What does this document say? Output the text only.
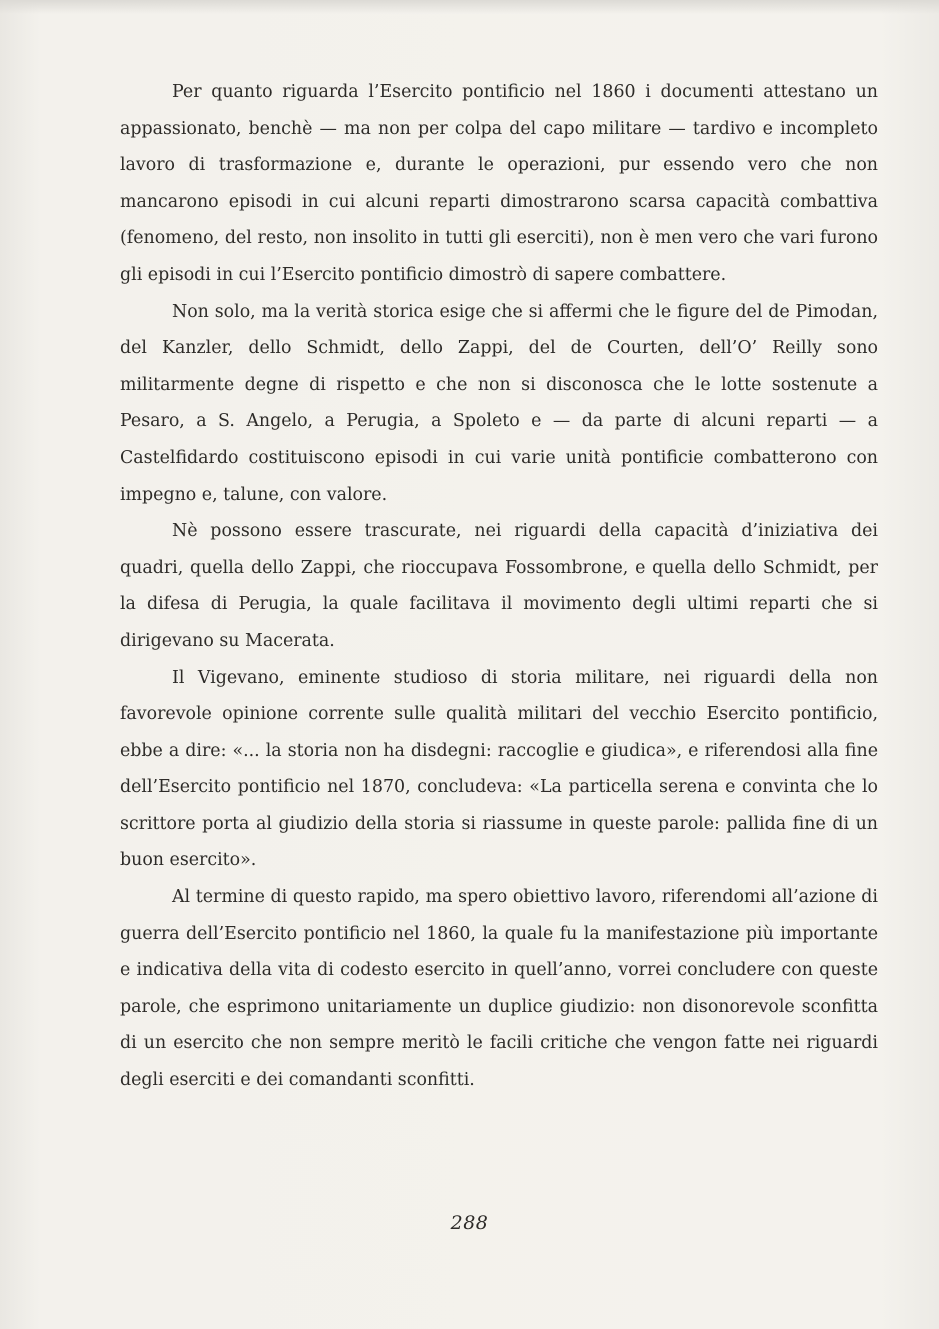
Per quanto riguarda l’Esercito pontificio nel 1860 i documenti attestano un appassionato, benchè — ma non per colpa del capo militare — tardivo e incompleto lavoro di trasformazione e, durante le operazioni, pur essendo vero che non mancarono episodi in cui alcuni reparti dimostrarono scarsa capacità combattiva (fenomeno, del resto, non insolito in tutti gli eserciti), non è men vero che vari furono gli episodi in cui l’Esercito pontificio dimostrò di sapere combattere.

Non solo, ma la verità storica esige che si affermi che le figure del de Pimodan, del Kanzler, dello Schmidt, dello Zappi, del de Courten, dell’O’ Reilly sono militarmente degne di rispetto e che non si disconosca che le lotte sostenute a Pesaro, a S. Angelo, a Perugia, a Spoleto e — da parte di alcuni reparti — a Castelfidardo costituiscono episodi in cui varie unità pontificie combatterono con impegno e, talune, con valore.

Nè possono essere trascurate, nei riguardi della capacità d’iniziativa dei quadri, quella dello Zappi, che rioccupava Fossombrone, e quella dello Schmidt, per la difesa di Perugia, la quale facilitava il movimento degli ultimi reparti che si dirigevano su Macerata.

Il Vigevano, eminente studioso di storia militare, nei riguardi della non favorevole opinione corrente sulle qualità militari del vecchio Esercito pontificio, ebbe a dire: «... la storia non ha disdegni: raccoglie e giudica», e riferendosi alla fine dell’Esercito pontificio nel 1870, concludeva: «La particella serena e convinta che lo scrittore porta al giudizio della storia si riassume in queste parole: pallida fine di un buon esercito».

Al termine di questo rapido, ma spero obiettivo lavoro, riferendomi all’azione di guerra dell’Esercito pontificio nel 1860, la quale fu la manifestazione più importante e indicativa della vita di codesto esercito in quell’anno, vorrei concludere con queste parole, che esprimono unitariamente un duplice giudizio: non disonorevole sconfitta di un esercito che non sempre meritò le facili critiche che vengon fatte nei riguardi degli eserciti e dei comandanti sconfitti.

288
